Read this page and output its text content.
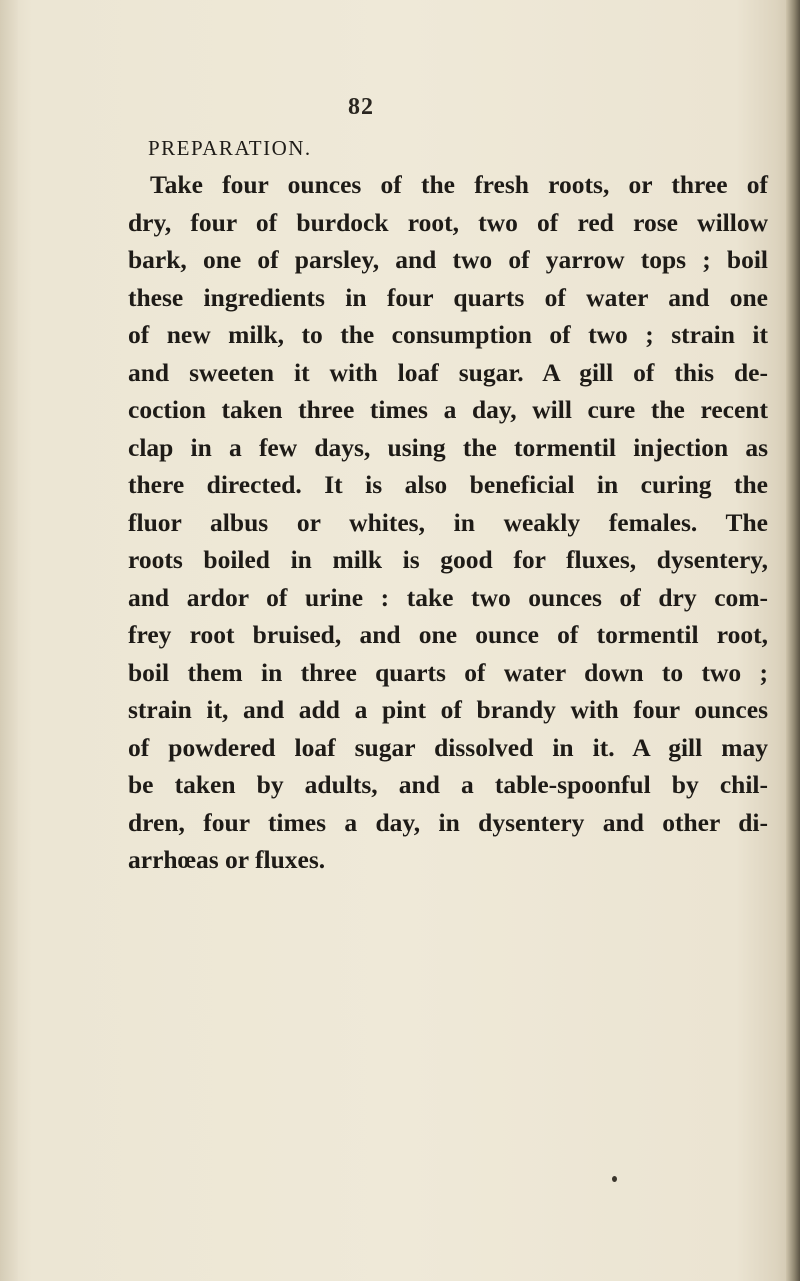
82
PREPARATION.
Take four ounces of the fresh roots, or three of
dry, four of burdock root, two of red rose willow
bark, one of parsley, and two of yarrow tops ; boil
these ingredients in four quarts of water and one
of new milk, to the consumption of two ; strain it
and sweeten it with loaf sugar. A gill of this de-
coction taken three times a day, will cure the recent
clap in a few days, using the tormentil injection as
there directed. It is also beneficial in curing the
fluor albus or whites, in weakly females. The
roots boiled in milk is good for fluxes, dysentery,
and ardor of urine : take two ounces of dry com-
frey root bruised, and one ounce of tormentil root,
boil them in three quarts of water down to two ;
strain it, and add a pint of brandy with four ounces
of powdered loaf sugar dissolved in it. A gill may
be taken by adults, and a table-spoonful by chil-
dren, four times a day, in dysentery and other di-
arrhœas or fluxes.
